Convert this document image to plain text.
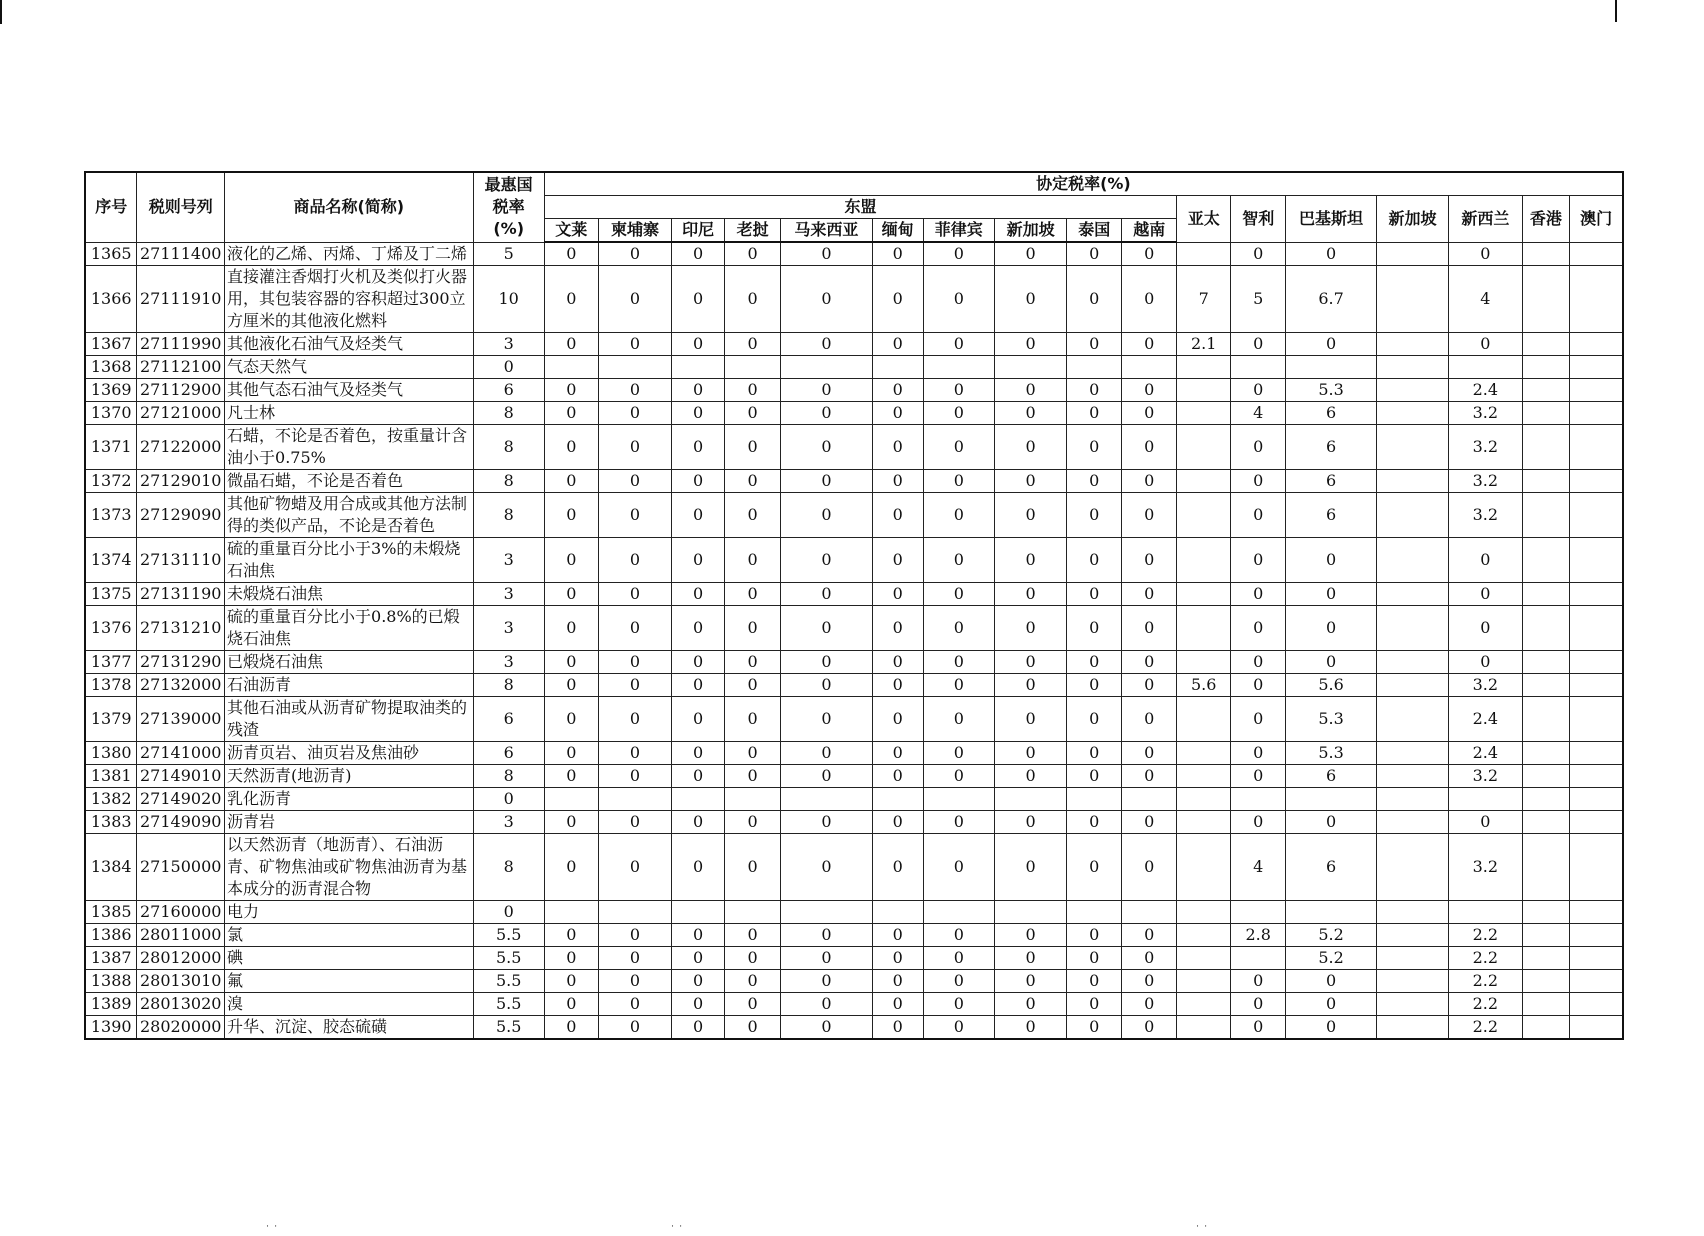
序号	税则号列	商品名称(简称)	最惠国
税率
(%)	协定税率(%)																
				东盟										亚太	智利	巴基斯坦	新加坡	新西兰	香港	澳门
				文莱	柬埔寨	印尼	老挝	马来西亚	缅甸	菲律宾	新加坡	泰国	越南							
1365	27111400	液化的乙烯、丙烯、丁烯及丁二烯	5	0	0	0	0	0	0	0	0	0	0		0	0		0		
1366	27111910	直接灌注香烟打火机及类似打火器用，其包装容器的容积超过300立方厘米的其他液化燃料	10	0	0	0	0	0	0	0	0	0	0	7	5	6.7		4		
1367	27111990	其他液化石油气及烃类气	3	0	0	0	0	0	0	0	0	0	0	2.1	0	0		0		
1368	27112100	气态天然气	0																	
1369	27112900	其他气态石油气及烃类气	6	0	0	0	0	0	0	0	0	0	0		0	5.3		2.4		
1370	27121000	凡士林	8	0	0	0	0	0	0	0	0	0	0		4	6		3.2		
1371	27122000	石蜡，不论是否着色，按重量计含油小于0.75%	8	0	0	0	0	0	0	0	0	0	0		0	6		3.2		
1372	27129010	微晶石蜡，不论是否着色	8	0	0	0	0	0	0	0	0	0	0		0	6		3.2		
1373	27129090	其他矿物蜡及用合成或其他方法制得的类似产品，不论是否着色	8	0	0	0	0	0	0	0	0	0	0		0	6		3.2		
1374	27131110	硫的重量百分比小于3%的未煅烧石油焦	3	0	0	0	0	0	0	0	0	0	0		0	0		0		
1375	27131190	未煅烧石油焦	3	0	0	0	0	0	0	0	0	0	0		0	0		0		
1376	27131210	硫的重量百分比小于0.8%的已煅烧石油焦	3	0	0	0	0	0	0	0	0	0	0		0	0		0		
1377	27131290	已煅烧石油焦	3	0	0	0	0	0	0	0	0	0	0		0	0		0		
1378	27132000	石油沥青	8	0	0	0	0	0	0	0	0	0	0	5.6	0	5.6		3.2		
1379	27139000	其他石油或从沥青矿物提取油类的残渣	6	0	0	0	0	0	0	0	0	0	0		0	5.3		2.4		
1380	27141000	沥青页岩、油页岩及焦油砂	6	0	0	0	0	0	0	0	0	0	0		0	5.3		2.4		
1381	27149010	天然沥青(地沥青)	8	0	0	0	0	0	0	0	0	0	0		0	6		3.2		
1382	27149020	乳化沥青	0																	
1383	27149090	沥青岩	3	0	0	0	0	0	0	0	0	0	0		0	0		0		
1384	27150000	以天然沥青（地沥青）、石油沥青、矿物焦油或矿物焦油沥青为基本成分的沥青混合物	8	0	0	0	0	0	0	0	0	0	0		4	6		3.2		
1385	27160000	电力	0																	
1386	28011000	氯	5.5	0	0	0	0	0	0	0	0	0	0		2.8	5.2		2.2		
1387	28012000	碘	5.5	0	0	0	0	0	0	0	0	0	0			5.2		2.2		
1388	28013010	氟	5.5	0	0	0	0	0	0	0	0	0	0		0	0		2.2		
1389	28013020	溴	5.5	0	0	0	0	0	0	0	0	0	0		0	0		2.2		
1390	28020000	升华、沉淀、胶态硫磺	5.5	0	0	0	0	0	0	0	0	0	0		0	0		2.2		
˙ ˙	˙ ˙	˙ ˙
